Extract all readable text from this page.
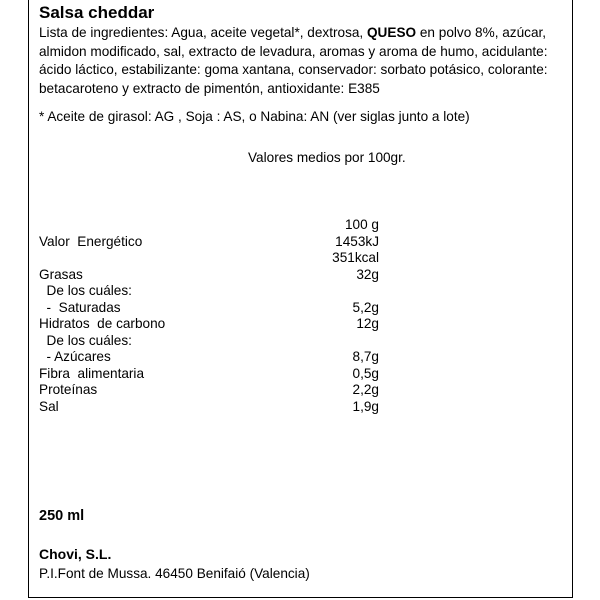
Salsa cheddar

Lista de ingredientes: Agua, aceite vegetal*, dextrosa, QUESO en polvo 8%, azúcar, almidon modificado, sal, extracto de levadura, aromas y aroma de humo, acidulante: ácido láctico, estabilizante: goma xantana, conservador: sorbato potásico, colorante: betacaroteno y extracto de pimentón, antioxidante: E385

* Aceite de girasol: AG , Soja : AS, o Nabina: AN (ver siglas junto a lote)

Valores medios por 100gr.

100 g
Valor  Energético	1453kJ
351kcal
Grasas	32g
De los cuáles:
-  Saturadas	5,2g
Hidratos  de carbono	12g
De los cuáles:
- Azúcares	8,7g
Fibra  alimentaria	0,5g
Proteínas	2,2g
Sal	1,9g

250 ml

Chovi, S.L.

P.I.Font de Mussa. 46450 Benifaió (Valencia)
